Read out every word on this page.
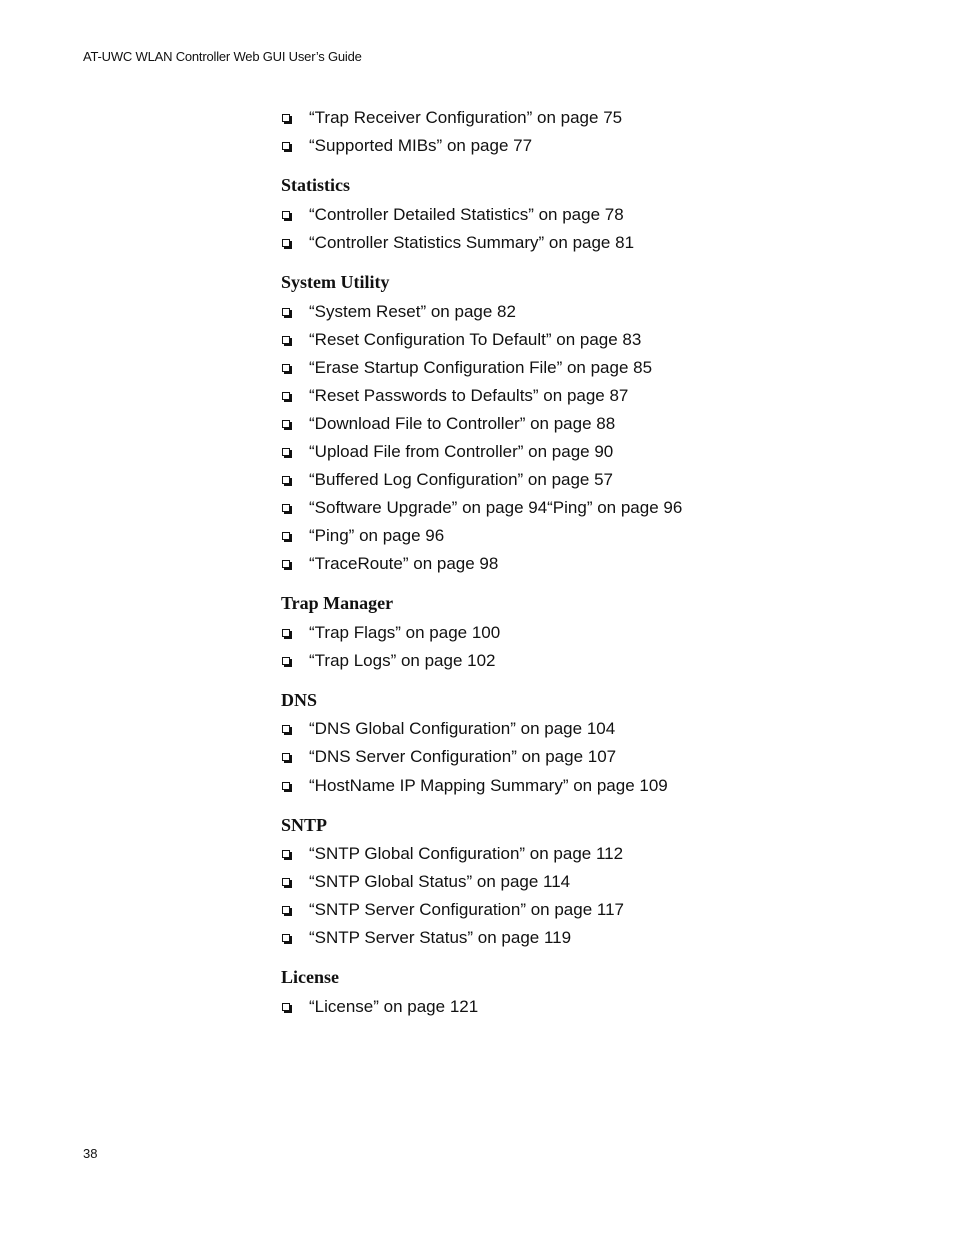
AT-UWC WLAN Controller Web GUI User’s Guide
“Trap Receiver Configuration” on page 75
“Supported MIBs” on page 77
Statistics
“Controller Detailed Statistics” on page 78
“Controller Statistics Summary” on page 81
System Utility
“System Reset” on page 82
“Reset Configuration To Default” on page 83
“Erase Startup Configuration File” on page 85
“Reset Passwords to Defaults” on page 87
“Download File to Controller” on page 88
“Upload File from Controller” on page 90
“Buffered Log Configuration” on page 57
“Software Upgrade” on page 94“Ping” on page 96
“Ping” on page 96
“TraceRoute” on page 98
Trap Manager
“Trap Flags” on page 100
“Trap Logs” on page 102
DNS
“DNS Global Configuration” on page 104
“DNS Server Configuration” on page 107
“HostName IP Mapping Summary” on page 109
SNTP
“SNTP Global Configuration” on page 112
“SNTP Global Status” on page 114
“SNTP Server Configuration” on page 117
“SNTP Server Status” on page 119
License
“License” on page 121
38
